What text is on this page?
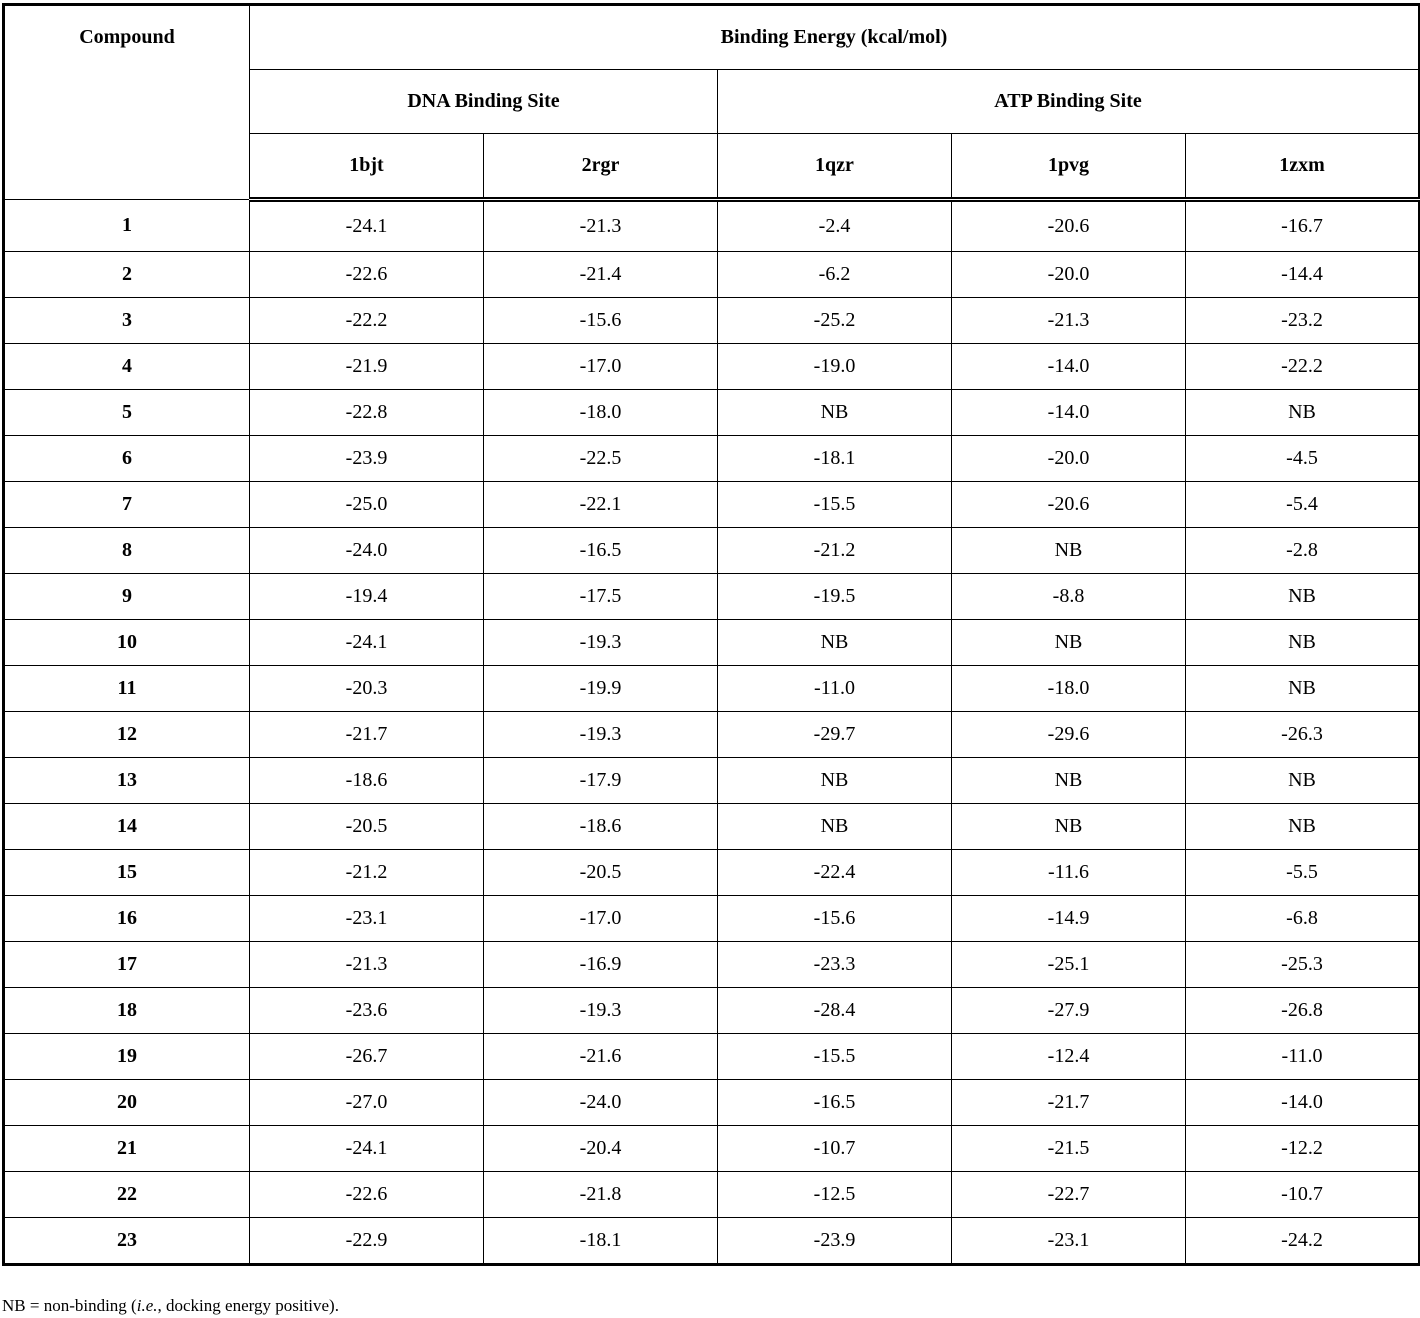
Compound	Binding Energy (kcal/mol)				
	DNA Binding Site		ATP Binding Site		
	1bjt	2rgr	1qzr	1pvg	1zxm
1	-24.1	-21.3	-2.4	-20.6	-16.7
2	-22.6	-21.4	-6.2	-20.0	-14.4
3	-22.2	-15.6	-25.2	-21.3	-23.2
4	-21.9	-17.0	-19.0	-14.0	-22.2
5	-22.8	-18.0	NB	-14.0	NB
6	-23.9	-22.5	-18.1	-20.0	-4.5
7	-25.0	-22.1	-15.5	-20.6	-5.4
8	-24.0	-16.5	-21.2	NB	-2.8
9	-19.4	-17.5	-19.5	-8.8	NB
10	-24.1	-19.3	NB	NB	NB
11	-20.3	-19.9	-11.0	-18.0	NB
12	-21.7	-19.3	-29.7	-29.6	-26.3
13	-18.6	-17.9	NB	NB	NB
14	-20.5	-18.6	NB	NB	NB
15	-21.2	-20.5	-22.4	-11.6	-5.5
16	-23.1	-17.0	-15.6	-14.9	-6.8
17	-21.3	-16.9	-23.3	-25.1	-25.3
18	-23.6	-19.3	-28.4	-27.9	-26.8
19	-26.7	-21.6	-15.5	-12.4	-11.0
20	-27.0	-24.0	-16.5	-21.7	-14.0
21	-24.1	-20.4	-10.7	-21.5	-12.2
22	-22.6	-21.8	-12.5	-22.7	-10.7
23	-22.9	-18.1	-23.9	-23.1	-24.2
NB = non-binding (i.e., docking energy positive).
